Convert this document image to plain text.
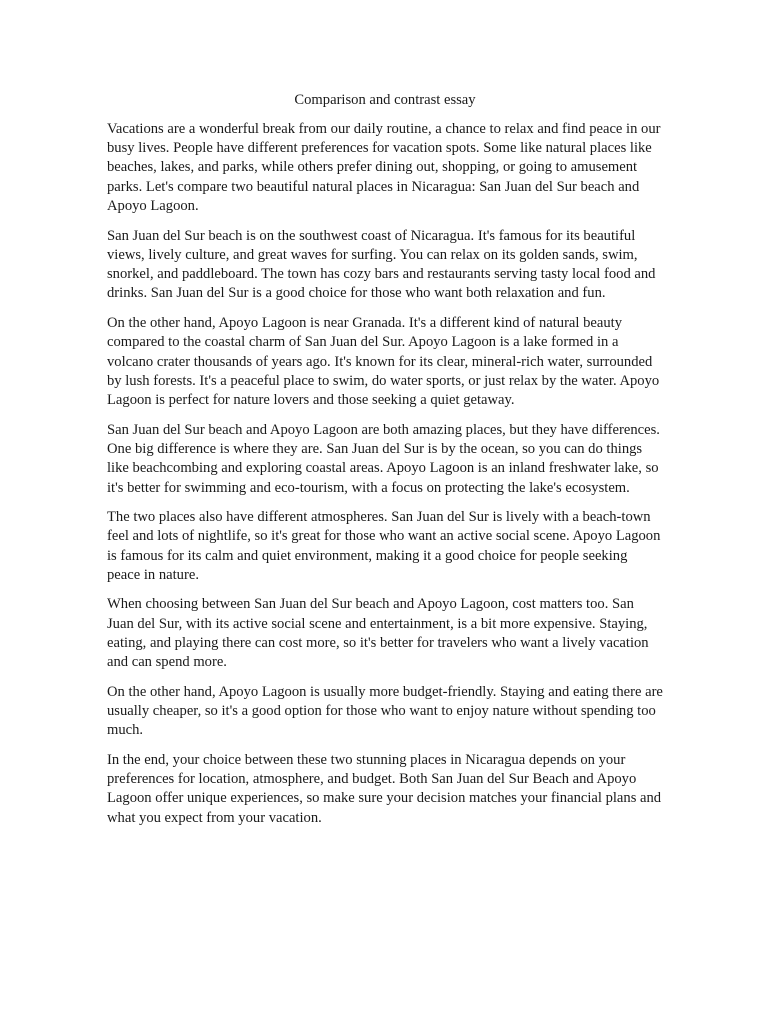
Comparison and contrast essay

Vacations are a wonderful break from our daily routine, a chance to relax and find peace in our busy lives. People have different preferences for vacation spots. Some like natural places like beaches, lakes, and parks, while others prefer dining out, shopping, or going to amusement parks. Let's compare two beautiful natural places in Nicaragua: San Juan del Sur beach and Apoyo Lagoon.

San Juan del Sur beach is on the southwest coast of Nicaragua. It's famous for its beautiful views, lively culture, and great waves for surfing. You can relax on its golden sands, swim, snorkel, and paddleboard. The town has cozy bars and restaurants serving tasty local food and drinks. San Juan del Sur is a good choice for those who want both relaxation and fun.

On the other hand, Apoyo Lagoon is near Granada. It's a different kind of natural beauty compared to the coastal charm of San Juan del Sur. Apoyo Lagoon is a lake formed in a volcano crater thousands of years ago. It's known for its clear, mineral-rich water, surrounded by lush forests. It's a peaceful place to swim, do water sports, or just relax by the water. Apoyo Lagoon is perfect for nature lovers and those seeking a quiet getaway.

San Juan del Sur beach and Apoyo Lagoon are both amazing places, but they have differences. One big difference is where they are. San Juan del Sur is by the ocean, so you can do things like beachcombing and exploring coastal areas. Apoyo Lagoon is an inland freshwater lake, so it's better for swimming and eco-tourism, with a focus on protecting the lake's ecosystem.

The two places also have different atmospheres. San Juan del Sur is lively with a beach-town feel and lots of nightlife, so it's great for those who want an active social scene. Apoyo Lagoon is famous for its calm and quiet environment, making it a good choice for people seeking peace in nature.

When choosing between San Juan del Sur beach and Apoyo Lagoon, cost matters too. San Juan del Sur, with its active social scene and entertainment, is a bit more expensive. Staying, eating, and playing there can cost more, so it's better for travelers who want a lively vacation and can spend more.

On the other hand, Apoyo Lagoon is usually more budget-friendly. Staying and eating there are usually cheaper, so it's a good option for those who want to enjoy nature without spending too much.

In the end, your choice between these two stunning places in Nicaragua depends on your preferences for location, atmosphere, and budget. Both San Juan del Sur Beach and Apoyo Lagoon offer unique experiences, so make sure your decision matches your financial plans and what you expect from your vacation.
